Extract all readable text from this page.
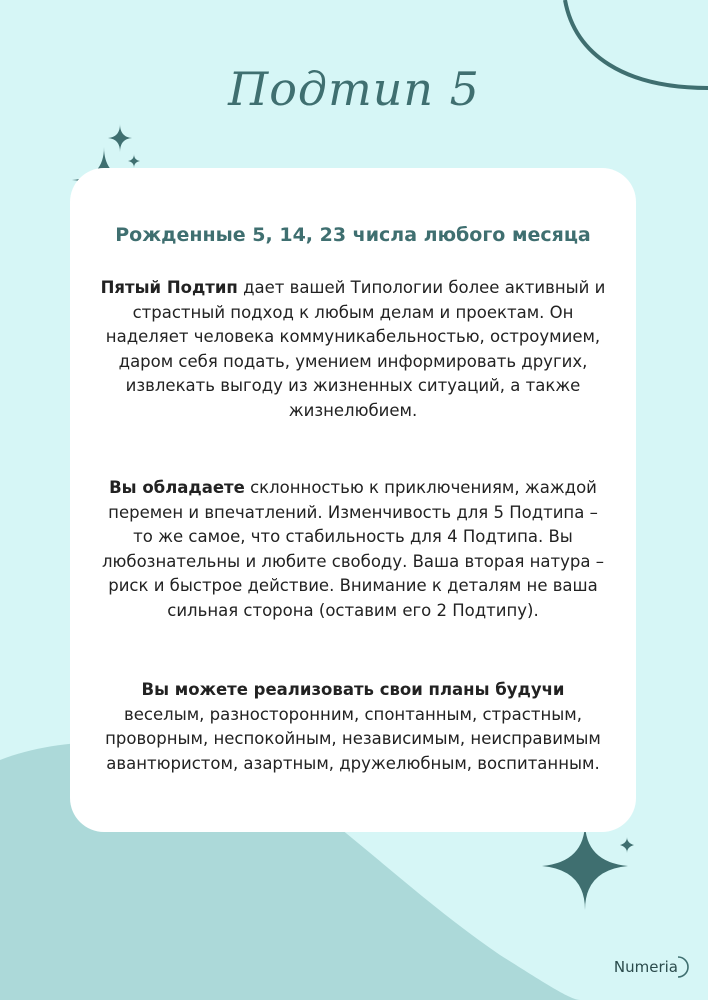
Подтип 5
Рожденные 5, 14, 23 числа любого месяца
Пятый Подтип дает вашей Типологии более активный и страстный подход к любым делам и проектам. Он наделяет человека коммуникабельностью, остроумием, даром себя подать, умением информировать других, извлекать выгоду из жизненных ситуаций, а также жизнелюбием.
Вы обладаете склонностью к приключениям, жаждой перемен и впечатлений. Изменчивость для 5 Подтипа – то же самое, что стабильность для 4 Подтипа. Вы любознательны и любите свободу. Ваша вторая натура – риск и быстрое действие. Внимание к деталям не ваша сильная сторона (оставим его 2 Подтипу).
Вы можете реализовать свои планы будучи веселым, разносторонним, спонтанным, страстным, проворным, неспокойным, независимым, неисправимым авантюристом, азартным, дружелюбным, воспитанным.
Numeria
